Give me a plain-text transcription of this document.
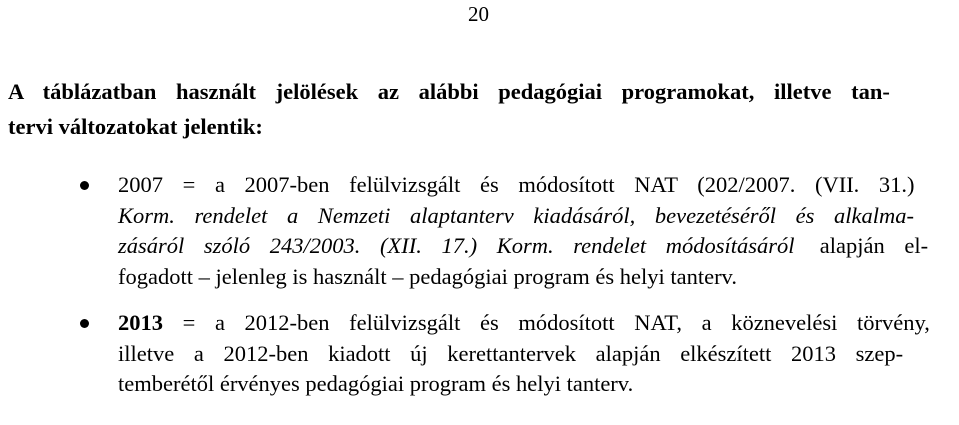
20
A táblázatban használt jelölések az alábbi pedagógiai programokat, illetve tan-
tervi változatokat jelentik:
2007 = a 2007-ben felülvizsgált és módosított NAT (202/2007. (VII. 31.)
Korm. rendelet a Nemzeti alaptanterv kiadásáról, bevezetéséről és alkalma-
zásáról szóló 243/2003. (XII. 17.) Korm. rendelet módosításáról  alapján el-
fogadott – jelenleg is használt – pedagógiai program és helyi tanterv.
2013 = a 2012-ben felülvizsgált és módosított NAT, a köznevelési törvény,
illetve a 2012-ben kiadott új kerettantervek alapján elkészített 2013 szep-
temberétől érvényes pedagógiai program és helyi tanterv.
